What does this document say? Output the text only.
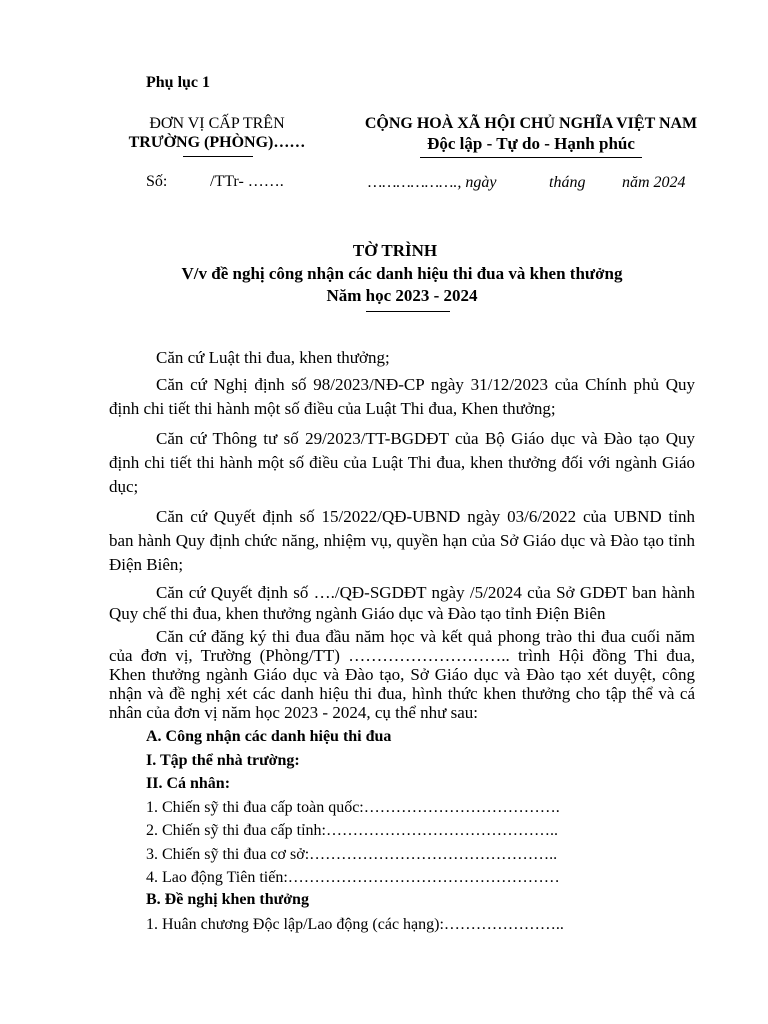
Phụ lục 1
ĐƠN VỊ CẤP TRÊN
TRƯỜNG (PHÒNG)……
Số:	/TTr- …….
CỘNG HOÀ XÃ HỘI CHỦ NGHĨA VIỆT NAM
Độc lập - Tự do - Hạnh phúc
………………., ngày	tháng năm 2024
TỜ TRÌNH
V/v đề nghị công nhận các danh hiệu thi đua và khen thưởng
Năm học 2023 - 2024
Căn cứ Luật thi đua, khen thưởng;
Căn cứ Nghị định số 98/2023/NĐ-CP ngày 31/12/2023 của Chính phủ Quy định chi tiết thi hành một số điều của Luật Thi đua, Khen thưởng;
Căn cứ Thông tư số 29/2023/TT-BGDĐT của Bộ Giáo dục và Đào tạo Quy định chi tiết thi hành một số điều của Luật Thi đua, khen thưởng đối với ngành Giáo dục;
Căn cứ Quyết định số 15/2022/QĐ-UBND ngày 03/6/2022 của UBND tỉnh ban hành Quy định chức năng, nhiệm vụ, quyền hạn của Sở Giáo dục và Đào tạo tỉnh Điện Biên;
Căn cứ Quyết định số …./QĐ-SGDĐT ngày /5/2024 của Sở GDĐT ban hành Quy chế thi đua, khen thưởng ngành Giáo dục và Đào tạo tỉnh Điện Biên
Căn cứ đăng ký thi đua đầu năm học và kết quả phong trào thi đua cuối năm của đơn vị, Trường (Phòng/TT) ……………………….. trình Hội đồng Thi đua, Khen thưởng ngành Giáo dục và Đào tạo, Sở Giáo dục và Đào tạo xét duyệt, công nhận và đề nghị xét các danh hiệu thi đua, hình thức khen thưởng cho tập thể và cá nhân của đơn vị năm học 2023 - 2024, cụ thể như sau:
A. Công nhận các danh hiệu thi đua
I. Tập thể nhà trường:
II. Cá nhân:
1. Chiến sỹ thi đua cấp toàn quốc:……………………………….
2. Chiến sỹ thi đua cấp tỉnh:……………………………………..
3. Chiến sỹ thi đua cơ sở:………………………………………..
4. Lao động Tiên tiến:……………………………………………
B. Đề nghị khen thưởng
1. Huân chương Độc lập/Lao động (các hạng):…………………..
